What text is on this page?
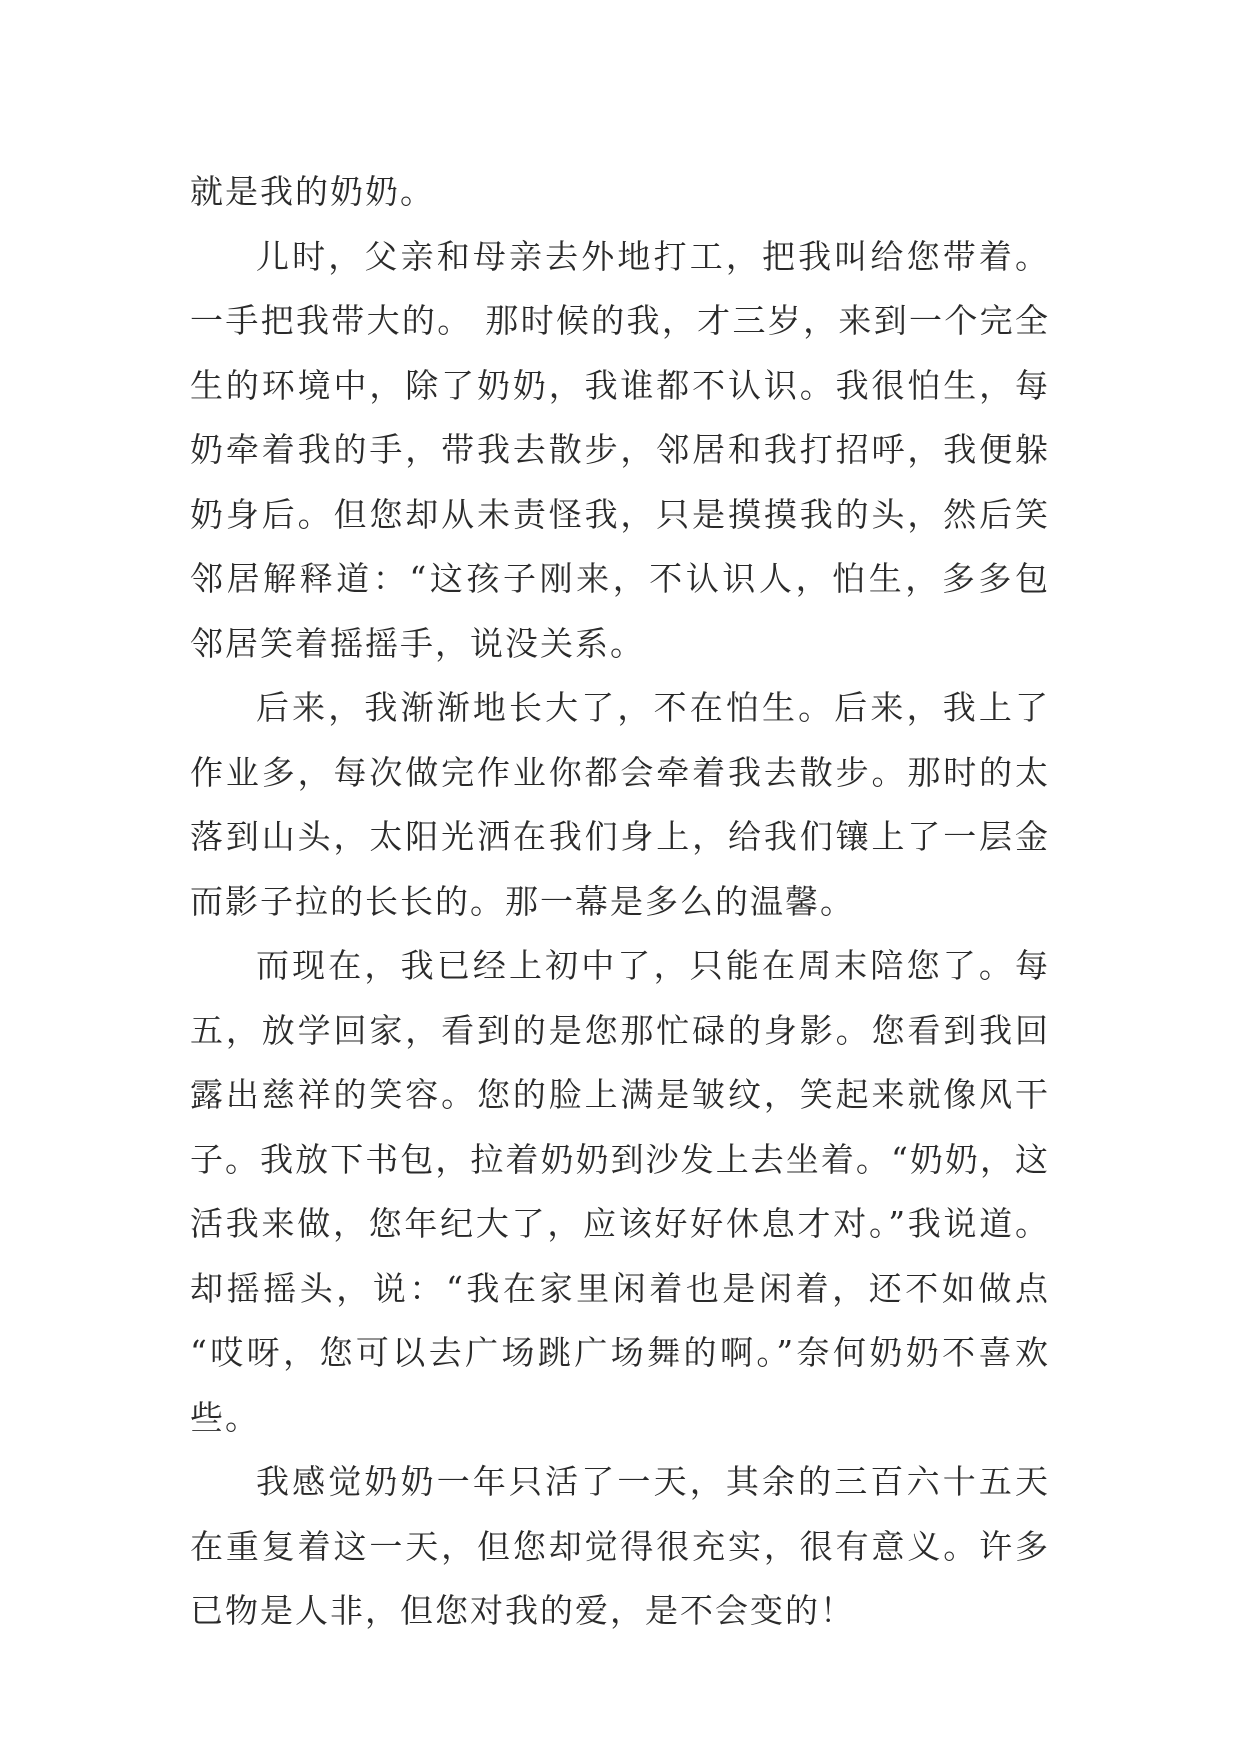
就是我的奶奶。
儿时，父亲和母亲去外地打工，把我叫给您带着。
一手把我带大的。 那时候的我，才三岁，来到一个完全
生的环境中，除了奶奶，我谁都不认识。我很怕生，每
奶牵着我的手，带我去散步，邻居和我打招呼，我便躲
奶身后。但您却从未责怪我，只是摸摸我的头，然后笑
邻居解释道：“这孩子刚来，不认识人，怕生，多多包
邻居笑着摇摇手，说没关系。
后来，我渐渐地长大了，不在怕生。后来，我上了
作业多，每次做完作业你都会牵着我去散步。那时的太
落到山头，太阳光洒在我们身上，给我们镶上了一层金
而影子拉的长长的。那一幕是多么的温馨。
而现在，我已经上初中了，只能在周末陪您了。每
五，放学回家，看到的是您那忙碌的身影。您看到我回
露出慈祥的笑容。您的脸上满是皱纹，笑起来就像风干
子。我放下书包，拉着奶奶到沙发上去坐着。“奶奶，这
活我来做，您年纪大了，应该好好休息才对。”我说道。
却摇摇头，说：“我在家里闲着也是闲着，还不如做点
“哎呀，您可以去广场跳广场舞的啊。”奈何奶奶不喜欢
些。
我感觉奶奶一年只活了一天，其余的三百六十五天
在重复着这一天，但您却觉得很充实，很有意义。许多
已物是人非，但您对我的爱，是不会变的！
